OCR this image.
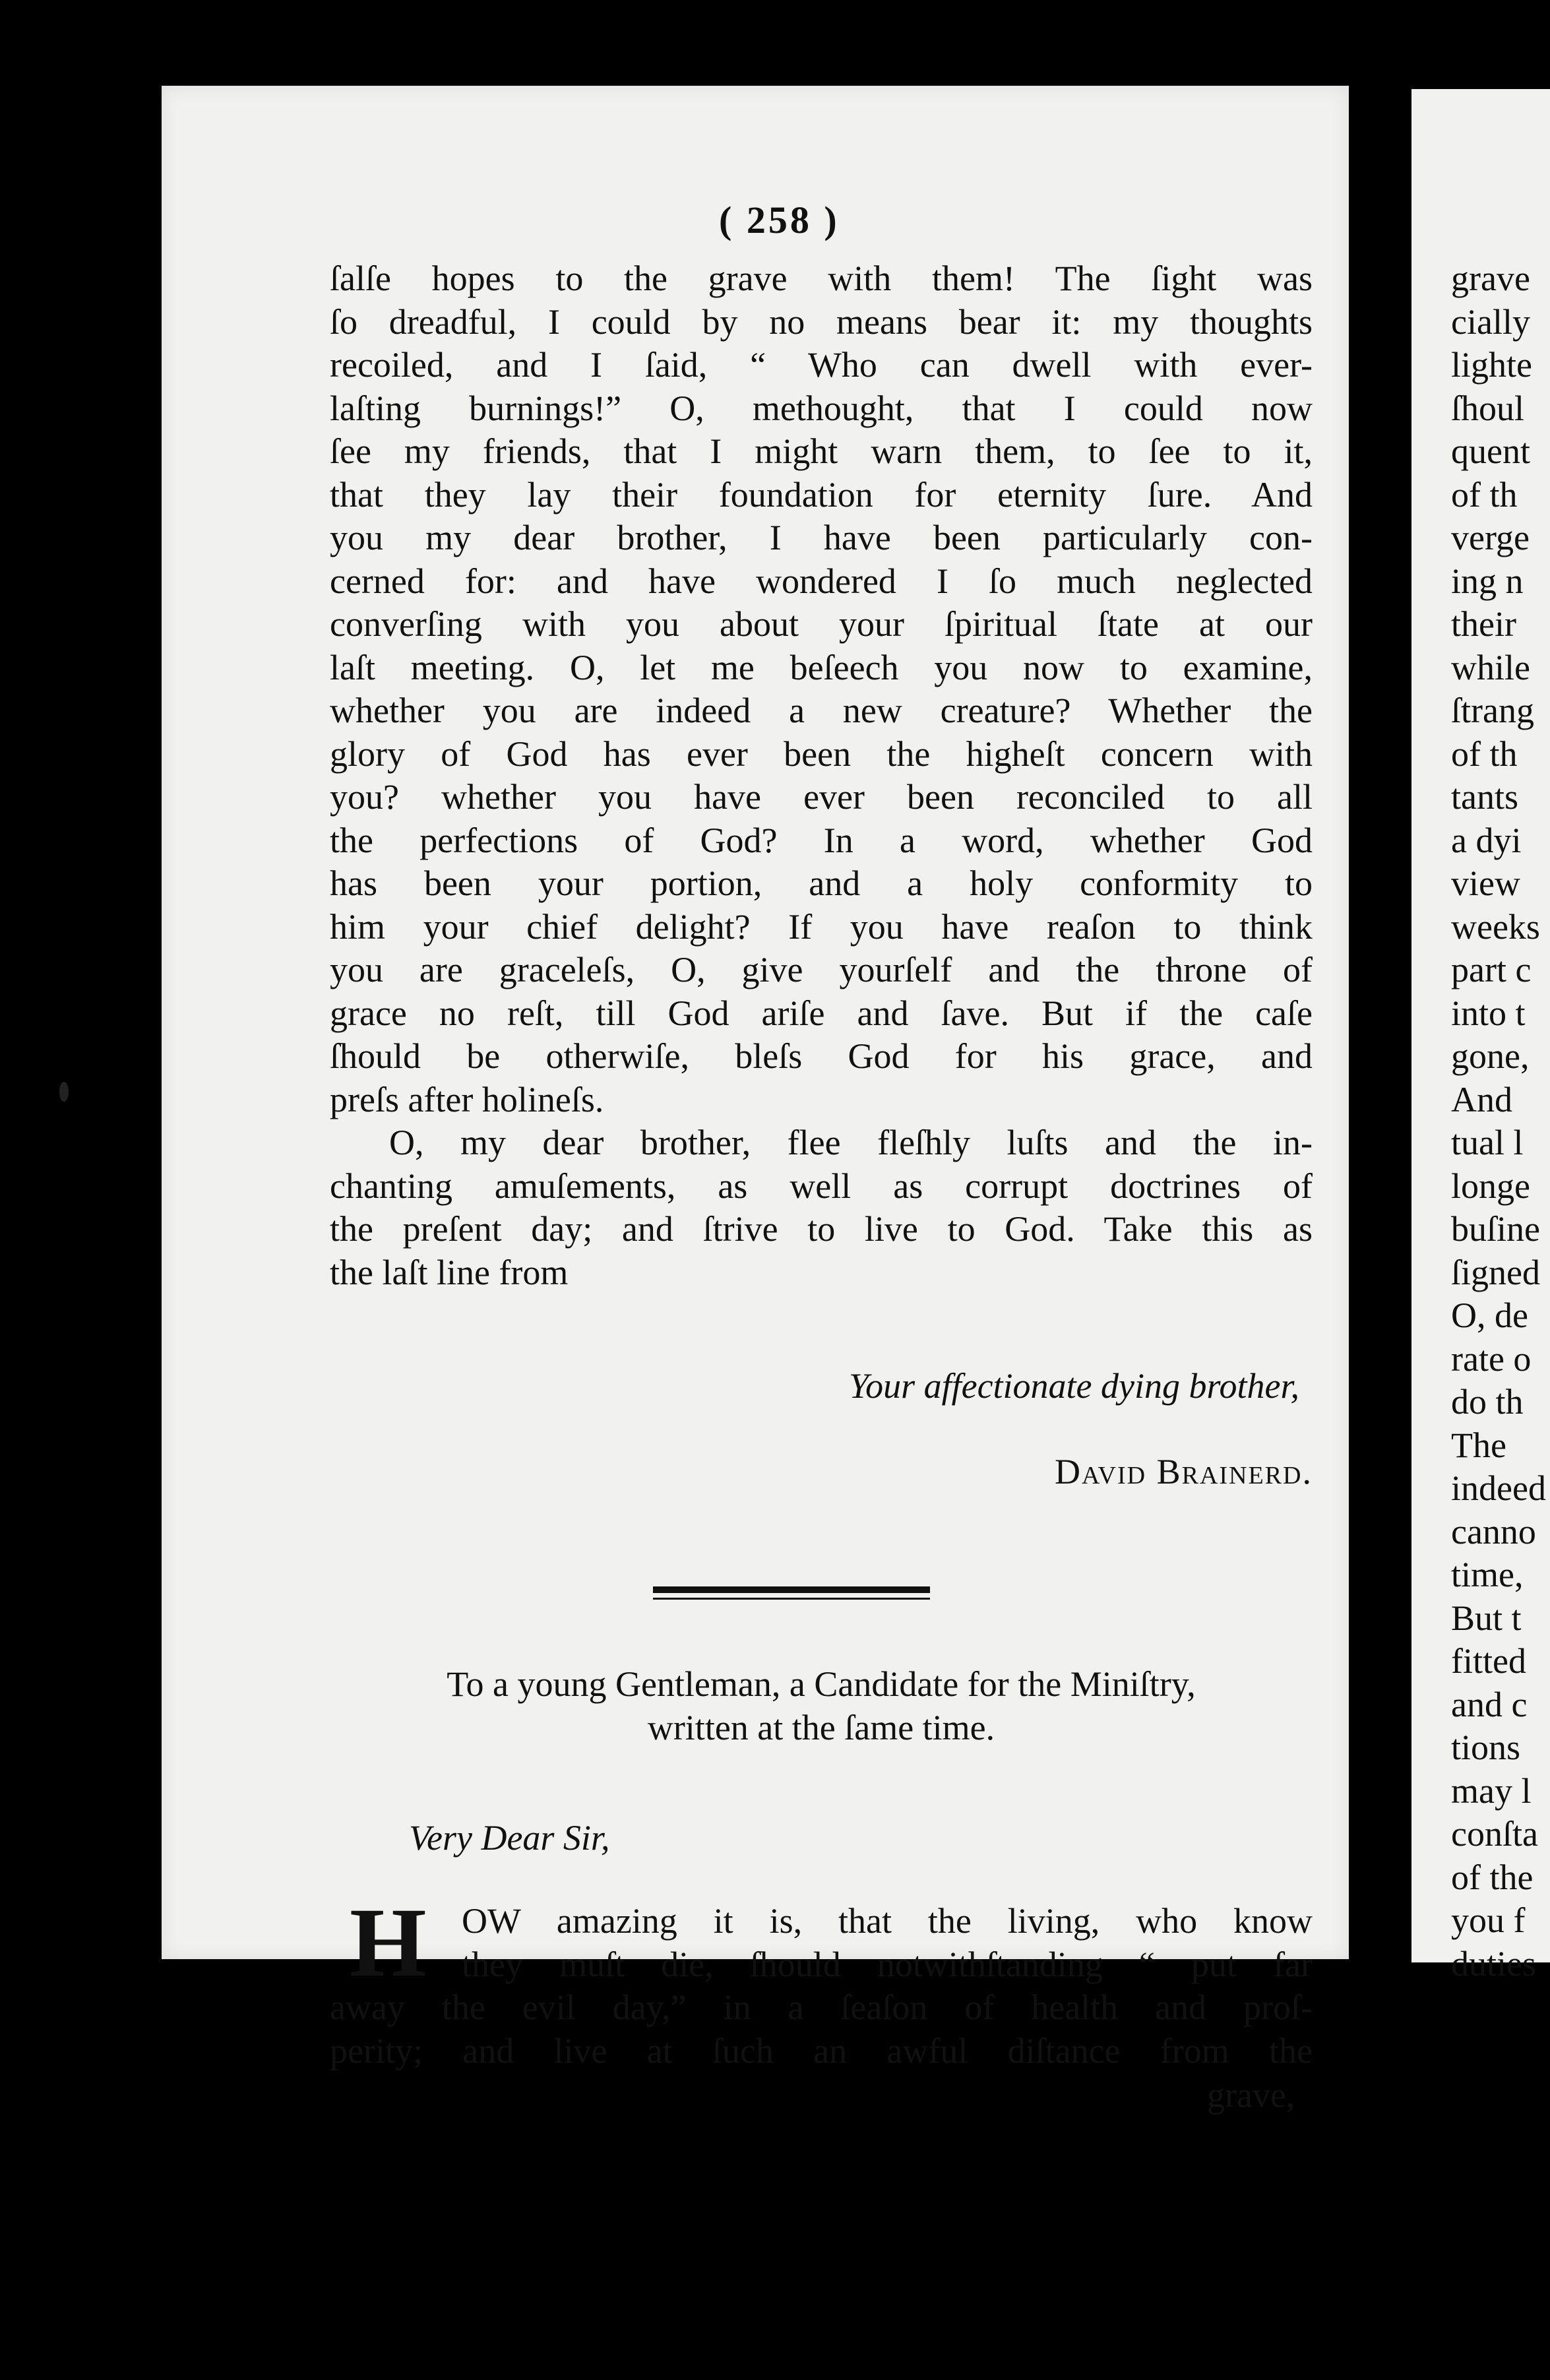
( 258 )
ſalſe hopes to the grave with them! The ſight was
ſo dreadful, I could by no means bear it: my thoughts
recoiled, and I ſaid, “ Who can dwell with ever-
laſting burnings!” O, methought, that I could now
ſee my friends, that I might warn them, to ſee to it,
that they lay their foundation for eternity ſure. And
you my dear brother, I have been particularly con-
cerned for: and have wondered I ſo much neglected
converſing with you about your ſpiritual ſtate at our
laſt meeting. O, let me beſeech you now to examine,
whether you are indeed a new creature? Whether the
glory of God has ever been the higheſt concern with
you? whether you have ever been reconciled to all
the perfections of God? In a word, whether God
has been your portion, and a holy conformity to
him your chief delight? If you have reaſon to think
you are graceleſs, O, give yourſelf and the throne of
grace no reſt, till God ariſe and ſave. But if the caſe
ſhould be otherwiſe, bleſs God for his grace, and
preſs after holineſs.
O, my dear brother, flee fleſhly luſts and the in-
chanting amuſements, as well as corrupt doctrines of
the preſent day; and ſtrive to live to God. Take this as
the laſt line from
Your affectionate dying brother,
David Brainerd.
To a young Gentleman, a Candidate for the Miniſtry,
written at the ſame time.
Very Dear Sir,
H OW amazing it is, that the living, who know
they muſt die, ſhould notwithſtanding “ put far
away the evil day,” in a ſeaſon of health and proſ-
perity; and live at ſuch an awful diſtance from the
grave,
grave
cially
lighte
ſhoul
quent
of th
verge
ing n
their
while
ſtrang
of th
tants
a dyi
view
weeks
part c
into t
gone,
And
tual l
longe
buſine
ſigned
O, de
rate o
do th
The
indeed
canno
time,
But t
fitted
and c
tions
may l
conſta
of the
you f
duties
